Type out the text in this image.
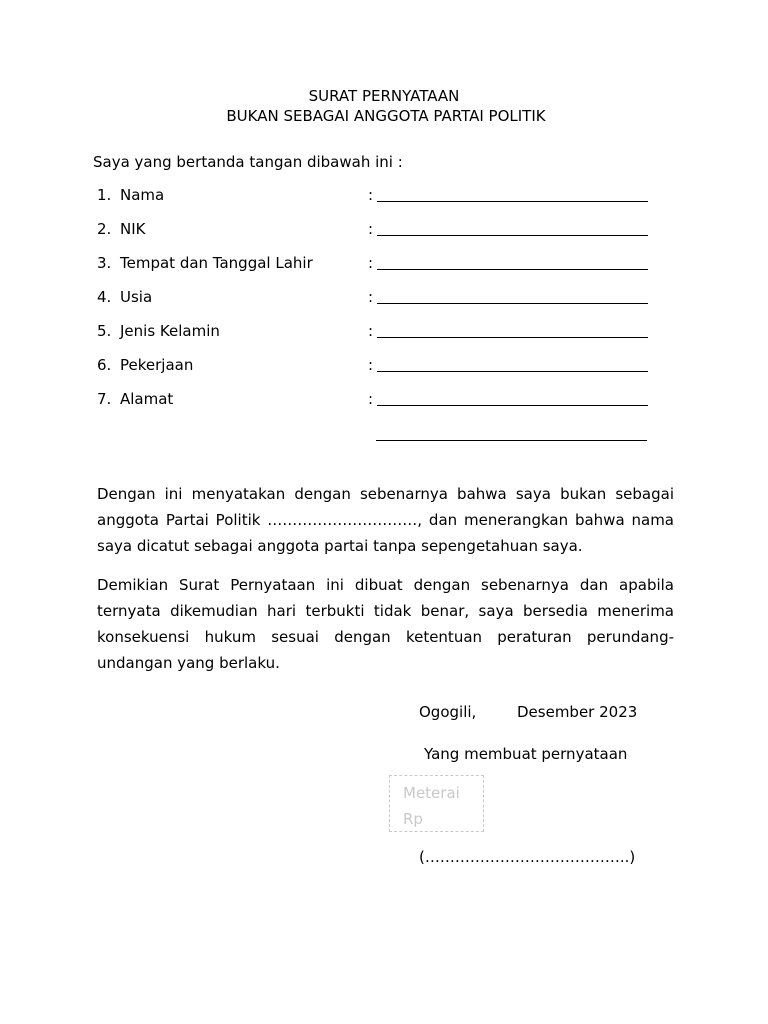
SURAT PERNYATAAN
BUKAN SEBAGAI ANGGOTA PARTAI POLITIK
Saya yang bertanda tangan dibawah ini :
1. Nama	:
2. NIK	:
3. Tempat dan Tanggal Lahir	:
4. Usia	:
5. Jenis Kelamin	:
6. Pekerjaan	:
7. Alamat	:
Dengan ini menyatakan dengan sebenarnya bahwa saya bukan sebagai anggota Partai Politik …………………………, dan menerangkan bahwa nama saya dicatut sebagai anggota partai tanpa sepengetahuan saya.
Demikian Surat Pernyataan ini dibuat dengan sebenarnya dan apabila ternyata dikemudian hari terbukti tidak benar, saya bersedia menerima konsekuensi hukum sesuai dengan ketentuan peraturan perundang-undangan yang berlaku.
Ogogili,	Desember 2023
Yang membuat pernyataan
Meterai
Rp
(…………………………………..)
